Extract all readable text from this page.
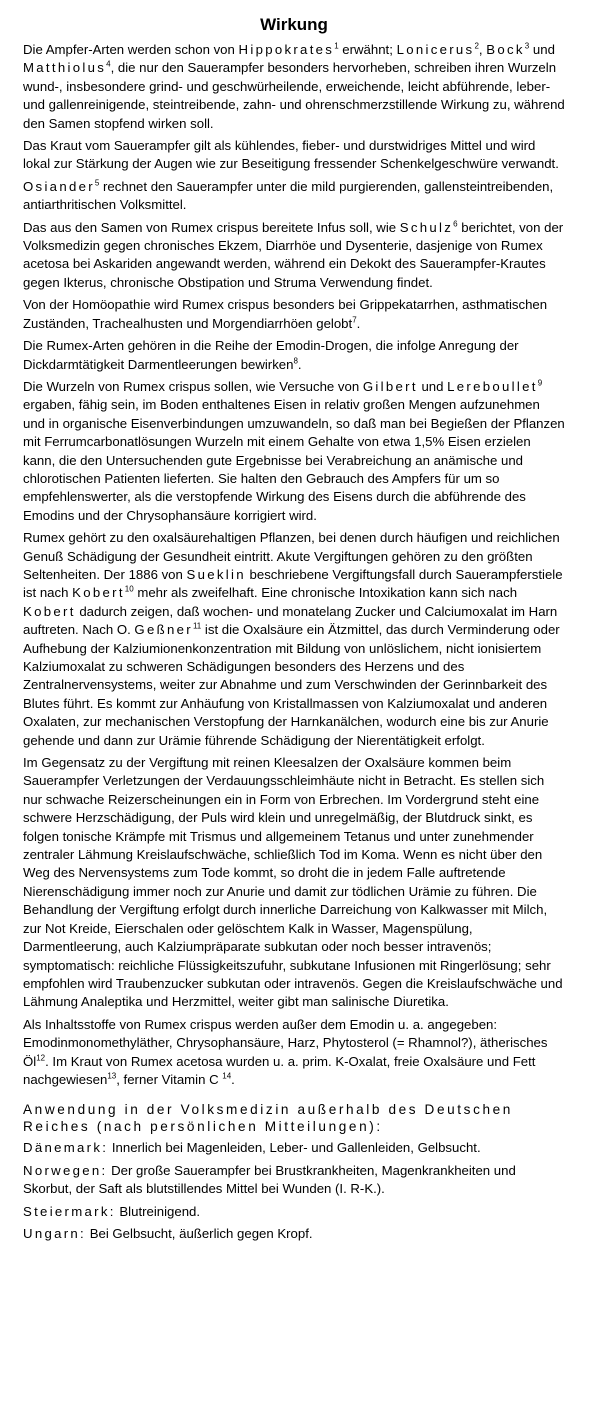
Wirkung

Die Ampfer-Arten werden schon von Hippokrates$^1$ erwähnt; Lonicerus$^2$, Bock$^3$ und Matthiolus$^4$, die nur den Sauerampfer besonders hervorheben, schreiben ihren Wurzeln wund-, insbesondere grind- und geschwürheilende, erweichende, leicht abführende, leber- und gallenreinigende, steintreibende, zahn- und ohrenschmerzstillende Wirkung zu, während den Samen stopfend wirken soll.

Das Kraut vom Sauerampfer gilt als kühlendes, fieber- und durstwidriges Mittel und wird lokal zur Stärkung der Augen wie zur Beseitigung fressender Schenkelgeschwüre verwandt.

Osiander$^5$ rechnet den Sauerampfer unter die mild purgierenden, gallensteintreibenden, antiarthritischen Volksmittel.

Das aus den Samen von Rumex crispus bereitete Infus soll, wie Schulz$^6$ berichtet, von der Volksmedizin gegen chronisches Ekzem, Diarrhöe und Dysenterie, dasjenige von Rumex acetosa bei Askariden angewandt werden, während ein Dekokt des Sauerampfer-Krautes gegen Ikterus, chronische Obstipation und Struma Verwendung findet.

Von der Homöopathie wird Rumex crispus besonders bei Grippekatarrhen, asthmatischen Zuständen, Trachealhusten und Morgendiarrhöen gelobt$^7$.

Die Rumex-Arten gehören in die Reihe der Emodin-Drogen, die infolge Anregung der Dickdarmtätigkeit Darmentleerungen bewirken$^8$.

Die Wurzeln von Rumex crispus sollen, wie Versuche von Gilbert und Lereboullet$^9$ ergaben, fähig sein, im Boden enthaltenes Eisen in relativ großen Mengen aufzunehmen und in organische Eisenverbindungen umzuwandeln, so daß man bei Begießen der Pflanzen mit Ferrumcarbonatlösungen Wurzeln mit einem Gehalte von etwa 1,5% Eisen erzielen kann, die den Untersuchenden gute Ergebnisse bei Verabreichung an anämische und chlorotischen Patienten lieferten. Sie halten den Gebrauch des Ampfers für um so empfehlenswerter, als die verstopfende Wirkung des Eisens durch die abführende des Emodins und der Chrysophansäure korrigiert wird.

Rumex gehört zu den oxalsäurehaltigen Pflanzen, bei denen durch häufigen und reichlichen Genuß Schädigung der Gesundheit eintritt. Akute Vergiftungen gehören zu den größten Seltenheiten. Der 1886 von Sueklin beschriebene Vergiftungsfall durch Sauerampferstiele ist nach Kobert$^{10}$ mehr als zweifelhaft. Eine chronische Intoxikation kann sich nach Kobert dadurch zeigen, daß wochen- und monatelang Zucker und Calciumoxalat im Harn auftreten. Nach O. Geßner$^{11}$ ist die Oxalsäure ein Ätzmittel, das durch Verminderung oder Aufhebung der Kalziumionenkonzentration mit Bildung von unlöslichem, nicht ionisiertem Kalziumoxalat zu schweren Schädigungen besonders des Herzens und des Zentralnervensystems, weiter zur Abnahme und zum Verschwinden der Gerinnbarkeit des Blutes führt. Es kommt zur Anhäufung von Kristallmassen von Kalziumoxalat und anderen Oxalaten, zur mechanischen Verstopfung der Harnkanälchen, wodurch eine bis zur Anurie gehende und dann zur Urämie führende Schädigung der Nierentätigkeit erfolgt.

Im Gegensatz zu der Vergiftung mit reinen Kleesalzen der Oxalsäure kommen beim Sauerampfer Verletzungen der Verdauungsschleimhäute nicht in Betracht. Es stellen sich nur schwache Reizerscheinungen ein in Form von Erbrechen. Im Vordergrund steht eine schwere Herzschädigung, der Puls wird klein und unregelmäßig, der Blutdruck sinkt, es folgen tonische Krämpfe mit Trismus und allgemeinem Tetanus und unter zunehmender zentraler Lähmung Kreislaufschwäche, schließlich Tod im Koma. Wenn es nicht über den Weg des Nervensystems zum Tode kommt, so droht die in jedem Falle auftretende Nierenschädigung immer noch zur Anurie und damit zur tödlichen Urämie zu führen. Die Behandlung der Vergiftung erfolgt durch innerliche Darreichung von Kalkwasser mit Milch, zur Not Kreide, Eierschalen oder gelöschtem Kalk in Wasser, Magenspülung, Darmentleerung, auch Kalziumpräparate subkutan oder noch besser intravenös; symptomatisch: reichliche Flüssigkeitszufuhr, subkutane Infusionen mit Ringerlösung; sehr empfohlen wird Traubenzucker subkutan oder intravenös. Gegen die Kreislaufschwäche und Lähmung Analeptika und Herzmittel, weiter gibt man salinische Diuretika.

Als Inhaltsstoffe von Rumex crispus werden außer dem Emodin u. a. angegeben: Emodinmonomethyläther, Chrysophansäure, Harz, Phytosterol (= Rhamnol?), ätherisches $Öl^{12}$. Im Kraut von Rumex acetosa wurden u. a. prim. K-Oxalat, freie Oxalsäure und Fett nachgewiesen$^{13}$, ferner Vitamin C $^{14}$.

Anwendung in der Volksmedizin außerhalb des Deutschen Reiches (nach persönlichen Mitteilungen):

Dänemark: Innerlich bei Magenleiden, Leber- und Gallenleiden, Gelbsucht.

Norwegen: Der große Sauerampfer bei Brustkrankheiten, Magenkrankheiten und Skorbut, der Saft als blutstillendes Mittel bei Wunden (I. R-K.).

Steiermark: Blutreinigend.

Ungarn: Bei Gelbsucht, äußerlich gegen Kropf.
